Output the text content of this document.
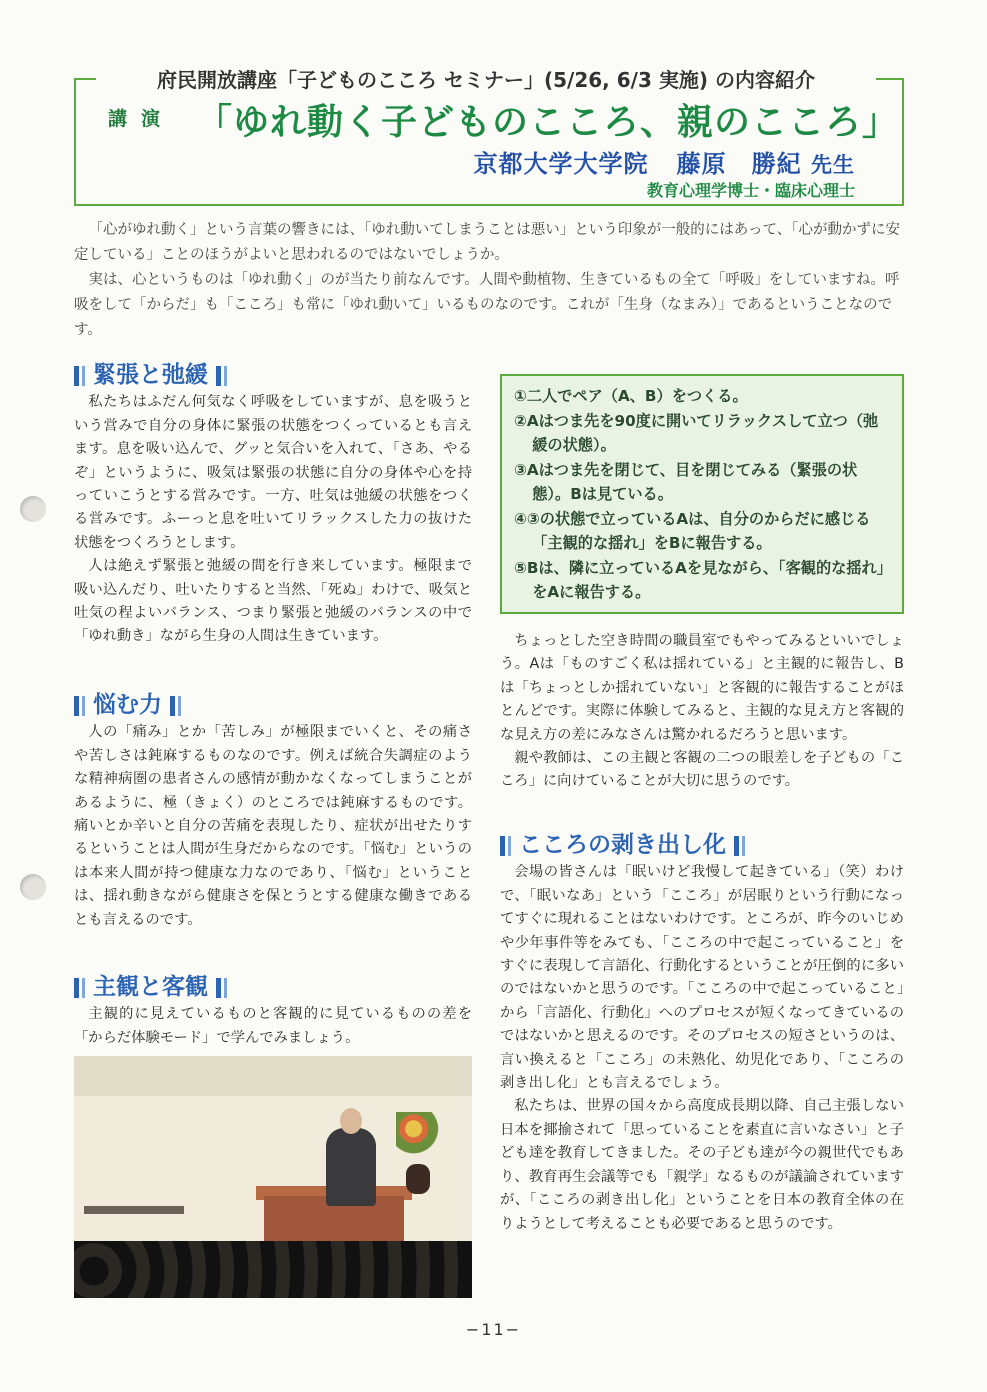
府民開放講座「子どものこころ セミナー」(5/26, 6/3 実施) の内容紹介
講演 「ゆれ動く子どものこころ、親のこころ」
京都大学大学院 藤原　勝紀 先生
教育心理学博士・臨床心理士

「心がゆれ動く」という言葉の響きには、「ゆれ動いてしまうことは悪い」という印象が一般的にはあって、「心が動かずに安定している」ことのほうがよいと思われるのではないでしょうか。

実は、心というものは「ゆれ動く」のが当たり前なんです。人間や動植物、生きているもの全て「呼吸」をしていますね。呼吸をして「からだ」も「こころ」も常に「ゆれ動いて」いるものなのです。これが「生身（なまみ）」であるということなのです。

緊張と弛緩

私たちはふだん何気なく呼吸をしていますが、息を吸うという営みで自分の身体に緊張の状態をつくっているとも言えます。息を吸い込んで、グッと気合いを入れて、「さあ、やるぞ」というように、吸気は緊張の状態に自分の身体や心を持っていこうとする営みです。一方、吐気は弛緩の状態をつくる営みです。ふーっと息を吐いてリラックスした力の抜けた状態をつくろうとします。

人は絶えず緊張と弛緩の間を行き来しています。極限まで吸い込んだり、吐いたりすると当然、「死ぬ」わけで、吸気と吐気の程よいバランス、つまり緊張と弛緩のバランスの中で「ゆれ動き」ながら生身の人間は生きています。

悩む力

人の「痛み」とか「苦しみ」が極限までいくと、その痛さや苦しさは鈍麻するものなのです。例えば統合失調症のような精神病圏の患者さんの感情が動かなくなってしまうことがあるように、極（きょく）のところでは鈍麻するものです。痛いとか辛いと自分の苦痛を表現したり、症状が出せたりするということは人間が生身だからなのです。「悩む」というのは本来人間が持つ健康な力なのであり、「悩む」ということは、揺れ動きながら健康さを保とうとする健康な働きであるとも言えるのです。

主観と客観

主観的に見えているものと客観的に見ているものの差を「からだ体験モード」で学んでみましょう。

①二人でペア（A、B）をつくる。
②Aはつま先を90度に開いてリラックスして立つ（弛緩の状態）。
③Aはつま先を閉じて、目を閉じてみる（緊張の状態）。Bは見ている。
④③の状態で立っているAは、自分のからだに感じる「主観的な揺れ」をBに報告する。
⑤Bは、隣に立っているAを見ながら、「客観的な揺れ」をAに報告する。

ちょっとした空き時間の職員室でもやってみるといいでしょう。Aは「ものすごく私は揺れている」と主観的に報告し、Bは「ちょっとしか揺れていない」と客観的に報告することがほとんどです。実際に体験してみると、主観的な見え方と客観的な見え方の差にみなさんは驚かれるだろうと思います。

親や教師は、この主観と客観の二つの眼差しを子どもの「こころ」に向けていることが大切に思うのです。

こころの剥き出し化

会場の皆さんは「眠いけど我慢して起きている」（笑）わけで、「眠いなあ」という「こころ」が居眠りという行動になってすぐに現れることはないわけです。ところが、昨今のいじめや少年事件等をみても、「こころの中で起こっていること」をすぐに表現して言語化、行動化するということが圧倒的に多いのではないかと思うのです。「こころの中で起こっていること」から「言語化、行動化」へのプロセスが短くなってきているのではないかと思えるのです。そのプロセスの短さというのは、言い換えると「こころ」の未熟化、幼児化であり、「こころの剥き出し化」とも言えるでしょう。

私たちは、世界の国々から高度成長期以降、自己主張しない日本を揶揄されて「思っていることを素直に言いなさい」と子ども達を教育してきました。その子ども達が今の親世代でもあり、教育再生会議等でも「親学」なるものが議論されていますが、「こころの剥き出し化」ということを日本の教育全体の在りようとして考えることも必要であると思うのです。

−11−
